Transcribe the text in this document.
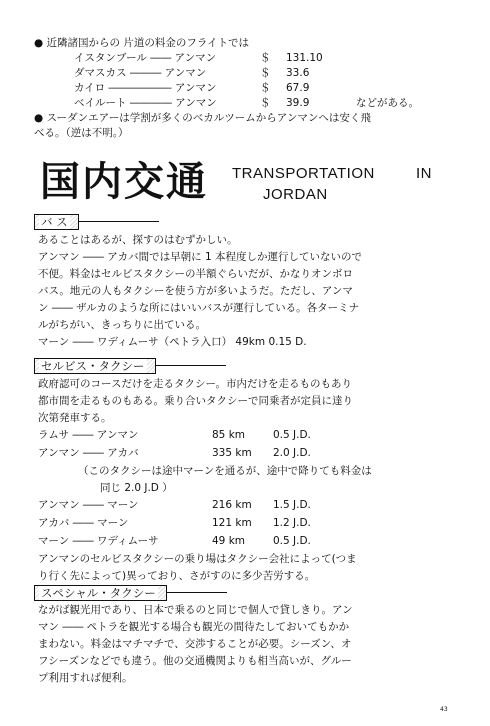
● 近隣諸国からの 片道の料金のフライトでは
イスタンブール ―― アンマン	＄ 131.10
ダマスカス ――― アンマン	＄ 33.6
カイロ ―――――― アンマン	＄ 67.9
ベイルート ―――― アンマン	＄ 39.9	などがある。
● スーダンエアーは学割が多くのベカルツームからアンマンへは安く飛
べる。（逆は不明。）
国内交通 TRANSPORTATION	IN
JORDAN
バ ス
あることはあるが、探すのはむずかしい。
アンマン ―― アカバ間では早朝に 1 本程度しか運行していないので
不便。料金はセルビスタクシーの半額ぐらいだが、かなりオンボロ
バス。地元の人もタクシーを使う方が多いようだ。ただし、アンマ
ン ―― ザルカのような所にはいいバスが運行している。各ターミナ
ルがちがい、きっちりに出ている。
マーン ―― ワディムーサ（ペトラ入口） 49km 0.15 D.
セルビス・タクシー
政府認可のコースだけを走るタクシー。市内だけを走るものもあり
都市間を走るものもある。乗り合いタクシーで同乗者が定員に達り
次第発車する。
ラムサ ―― アンマン	85 km	0.5 J.D.
アンマン ―― アカバ	335 km 2.0 J.D.
（このタクシーは途中マーンを通るが、途中で降りても料金は
同じ 2.0 J.D ）
アンマン ―― マーン	216 km 1.5 J.D.
アカバ ―― マーン	121 km 1.2 J.D.
マーン ―― ワディムーサ	49 km	0.5 J.D.
アンマンのセルビスタクシーの乗り場はタクシー会社によって(つま
り行く先によって)異っており、さがすのに多少苦労する。
スペシャル・タクシー
ながば観光用であり、日本で乗るのと同じで個人で貸しきり。アン
マン ―― ペトラを観光する場合も観光の間待たしておいてもかか
まわない。料金はマチマチで、交渉することが必要。シーズン、オ
フシーズンなどでも違う。他の交通機関よりも相当高いが、グルー
プ利用すれば便利。
43
